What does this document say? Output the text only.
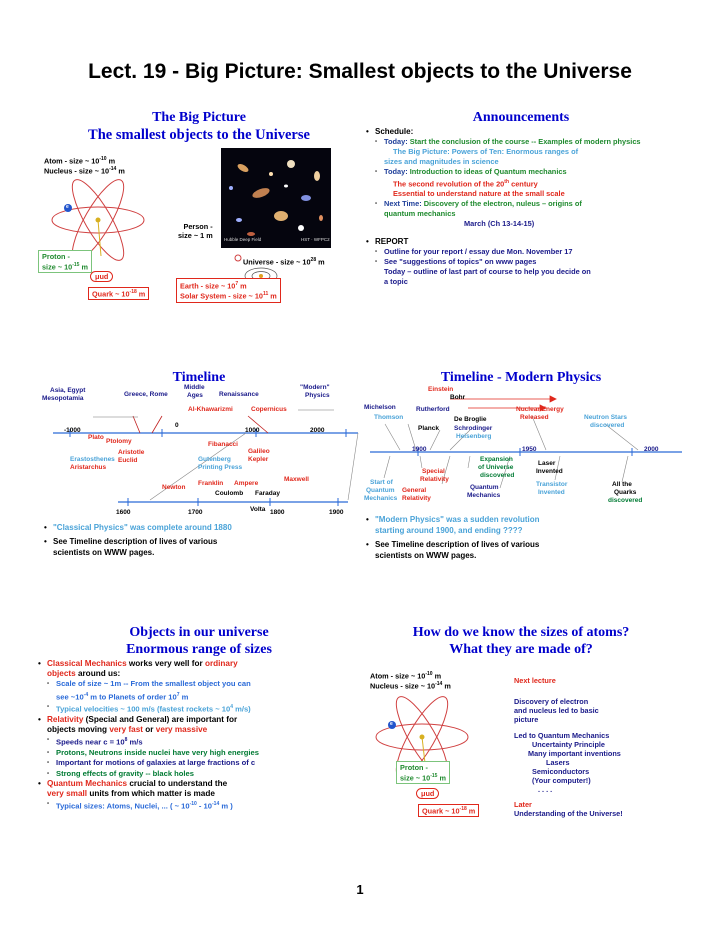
Lect. 19 - Big Picture: Smallest objects to the Universe
The Big Picture
The smallest objects to the Universe
Atom - size ~ $10^{-10}$ m
Nucleus - size ~ $10^{-14}$ m
e
Proton -
size ~ $10^{-15}$ m
μud
Quark ~ $10^{-18}$ m
Person -
size ~ 1 m	Hubble Deep Field	HST · WFPC2
Universe - size ~ $10^{28}$ m
Earth - size ~ $10^7$ m
Solar System - size ~ $10^{11}$ m
Announcements
• Schedule:
• Today: Start the conclusion of the course -- Examples of modern physics
The Big Picture: Powers of Ten: Enormous ranges of
sizes and magnitudes in science
• Today: Introduction to ideas of Quantum mechanics
The second revolution of the 20th century
Essential to understand nature at the small scale
• Next Time: Discovery of the electron, nuleus – origins of
quantum mechanics
March (Ch 13-14-15)
• REPORT
• Outline for your report / essay due Mon. November 17
• See "suggestions of topics" on www pages
Today – outline of last part of course to help you decide on
a topic
Timeline
Asia, Egypt
Mesopotamia
Greece, Rome
Middle
Ages Renaissance
"Modern"
Physics
Al-Khawarizmi	Copernicus
-1000
0
1000	2000
Plato
Ptolomy	Fibanacci
Aristotle	Galileo
Erastosthenes Euclid	Gutenberg	Kepler
Aristarchus	Printing Press
Newton
Franklin Ampere
Maxwell
Coulomb Faraday
Volta
1600	1700	1800	1900
• "Classical Physics" was complete around 1880
• See Timeline description of lives of various
scientists on WWW pages.
Timeline - Modern Physics
Einstein
Bohr
Michelson	Rutherford	Nuclear Energy
Thomson	De Broglie	Released	Neutron Stars
discovered
Planck Schrodinger
Heisenberg
1900	1950	2000
Expansion
of Universe
discovered
Special
Relativity
Laser
Invented
Start of
Quantum
Mechanics
General
Relativity
Quantum
Mechanics
Transistor
Invented
All the
Quarks
discovered
• "Modern Physics" was a sudden revolution
starting around 1900, and ending ????
• See Timeline description of lives of various
scientists on WWW pages.
Objects in our universe
Enormous range of sizes
• Classical Mechanics works very well for ordinary
objects around us:
• Scale of size ~ 1m -- From the smallest object you can
see $\sim 10^{-4}$ m to Planets of order $10^7$ m
• Typical velocities ~ 100 m/s (fastest rockets ~ $10^4$ m/s)
• Relativity (Special and General) are important for
objects moving very fast or very massive
• Speeds near $c = 10^8$ m/s
• Protons, Neutrons inside nuclei have very high energies
• Important for motions of galaxies at large fractions of c
• Strong effects of gravity -- black holes
• Quantum Mechanics crucial to understand the
very small units from which matter is made
• Typical sizes: Atoms, Nuclei, ... ( ~ $10^{-10} - 10^{-14}$ m )
How do we know the sizes of atoms?
What they are made of?
Atom - size ~ $10^{-10}$ m
Nucleus - size ~ $10^{-14}$ m
e
Proton -
size ~ $10^{-15}$ m
μud
Quark ~ $10^{-18}$ m
Next lecture
Discovery of electron
and nucleus led to basic
picture
Led to Quantum Mechanics
Uncertainty Principle
Many important inventions
Lasers
Semiconductors
(Your computer!)
. . . .
Later
Understanding of the Universe!
1
